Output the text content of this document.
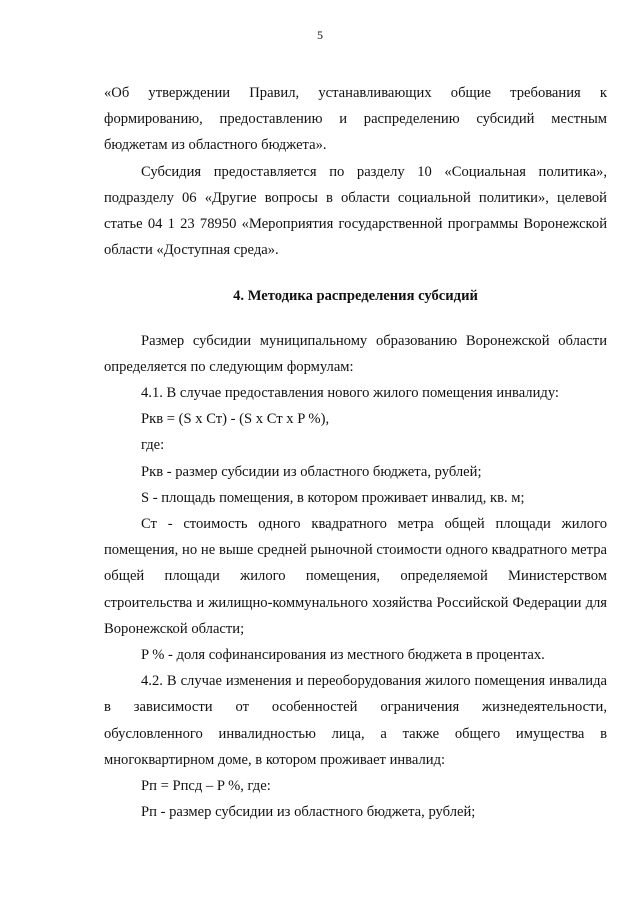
5

«Об утверждении Правил, устанавливающих общие требования к формированию, предоставлению и распределению субсидий местным бюджетам из областного бюджета».

Субсидия предоставляется по разделу 10 «Социальная политика», подразделу 06 «Другие вопросы в области социальной политики», целевой статье 04 1 23 78950 «Мероприятия государственной программы Воронежской области «Доступная среда».

4. Методика распределения субсидий

Размер субсидии муниципальному образованию Воронежской области определяется по следующим формулам:

4.1. В случае предоставления нового жилого помещения инвалиду:

Ркв = (S x Ст) - (S x Ст x P %),

где:

Ркв - размер субсидии из областного бюджета, рублей;

S - площадь помещения, в котором проживает инвалид, кв. м;

Ст - стоимость одного квадратного метра общей площади жилого помещения, но не выше средней рыночной стоимости одного квадратного метра общей площади жилого помещения, определяемой Министерством строительства и жилищно-коммунального хозяйства Российской Федерации для Воронежской области;

P % - доля софинансирования из местного бюджета в процентах.

4.2. В случае изменения и переоборудования жилого помещения инвалида в зависимости от особенностей ограничения жизнедеятельности, обусловленного инвалидностью лица, а также общего имущества в многоквартирном доме, в котором проживает инвалид:

Рп = Рпсд – P %, где:

Рп - размер субсидии из областного бюджета, рублей;
